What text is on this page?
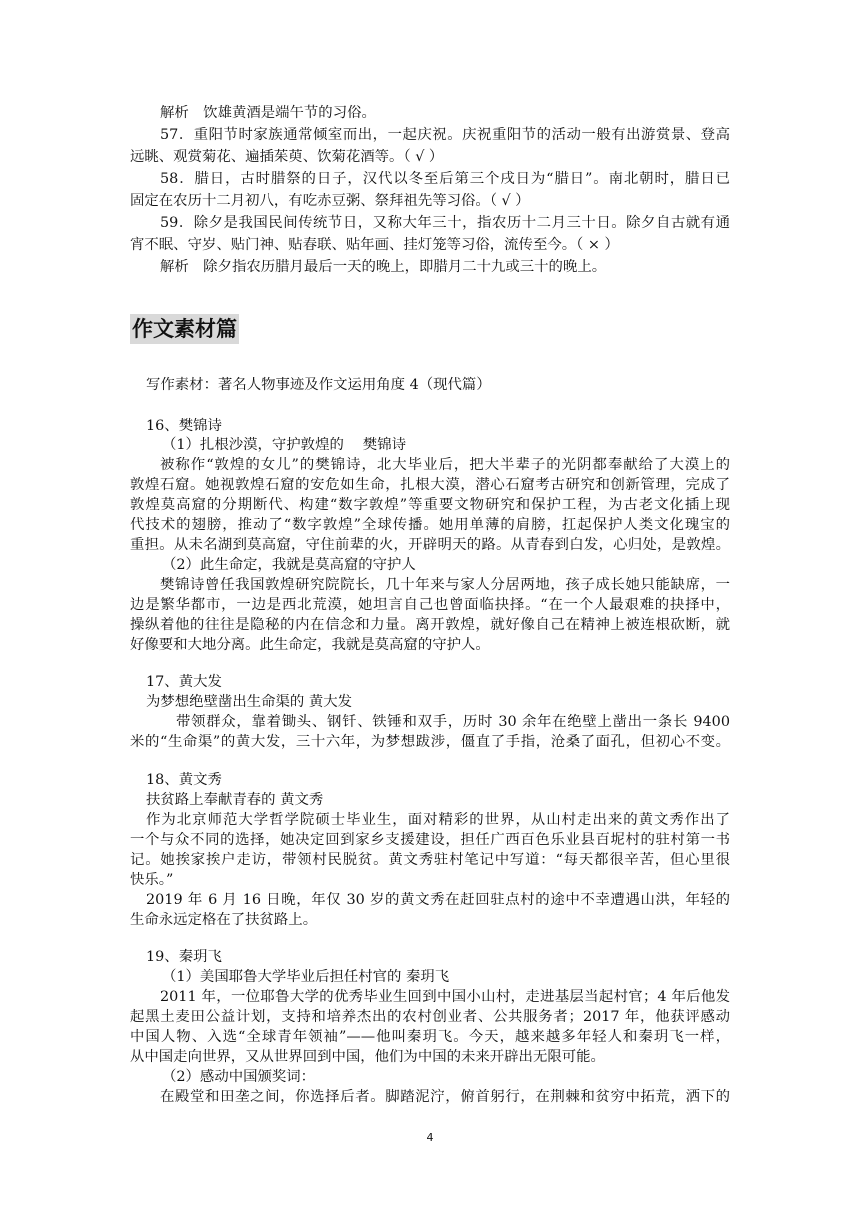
解析　饮雄黄酒是端午节的习俗。
57．重阳节时家族通常倾室而出，一起庆祝。庆祝重阳节的活动一般有出游赏景、登高
远眺、观赏菊花、遍插茱萸、饮菊花酒等。（ √ ）
58．腊日，古时腊祭的日子，汉代以冬至后第三个戌日为“腊日”。南北朝时，腊日已
固定在农历十二月初八，有吃赤豆粥、祭拜祖先等习俗。（ √ ）
59．除夕是我国民间传统节日，又称大年三十，指农历十二月三十日。除夕自古就有通
宵不眠、守岁、贴门神、贴春联、贴年画、挂灯笼等习俗，流传至今。（ × ）
解析　除夕指农历腊月最后一天的晚上，即腊月二十九或三十的晚上。
作文素材篇
写作素材：著名人物事迹及作文运用角度 4（现代篇）
16、樊锦诗
（1）扎根沙漠，守护敦煌的　 樊锦诗
被称作“敦煌的女儿”的樊锦诗，北大毕业后，把大半辈子的光阴都奉献给了大漠上的
敦煌石窟。她视敦煌石窟的安危如生命，扎根大漠，潜心石窟考古研究和创新管理，完成了
敦煌莫高窟的分期断代、构建“数字敦煌”等重要文物研究和保护工程，为古老文化插上现
代技术的翅膀，推动了“数字敦煌”全球传播。她用单薄的肩膀，扛起保护人类文化瑰宝的
重担。从未名湖到莫高窟，守住前辈的火，开辟明天的路。从青春到白发，心归处，是敦煌。
（2）此生命定，我就是莫高窟的守护人
樊锦诗曾任我国敦煌研究院院长，几十年来与家人分居两地，孩子成长她只能缺席，一
边是繁华都市，一边是西北荒漠，她坦言自己也曾面临抉择。“在一个人最艰难的抉择中，
操纵着他的往往是隐秘的内在信念和力量。离开敦煌，就好像自己在精神上被连根砍断，就
好像要和大地分离。此生命定，我就是莫高窟的守护人。
17、黄大发
为梦想绝壁凿出生命渠的 黄大发
带领群众，靠着锄头、钢钎、铁锤和双手，历时 30 余年在绝壁上凿出一条长 9400
米的“生命渠”的黄大发，三十六年，为梦想跋涉，僵直了手指，沧桑了面孔，但初心不变。
18、黄文秀
扶贫路上奉献青春的 黄文秀
作为北京师范大学哲学院硕士毕业生，面对精彩的世界，从山村走出来的黄文秀作出了
一个与众不同的选择，她决定回到家乡支援建设，担任广西百色乐业县百坭村的驻村第一书
记。她挨家挨户走访，带领村民脱贫。黄文秀驻村笔记中写道：“每天都很辛苦，但心里很
快乐。”
2019 年 6 月 16 日晚，年仅 30 岁的黄文秀在赶回驻点村的途中不幸遭遇山洪，年轻的
生命永远定格在了扶贫路上。
19、秦玥飞
（1）美国耶鲁大学毕业后担任村官的 秦玥飞
2011 年，一位耶鲁大学的优秀毕业生回到中国小山村，走进基层当起村官；4 年后他发
起黑土麦田公益计划，支持和培养杰出的农村创业者、公共服务者；2017 年，他获评感动
中国人物、入选“全球青年领袖”——他叫秦玥飞。今天，越来越多年轻人和秦玥飞一样，
从中国走向世界，又从世界回到中国，他们为中国的未来开辟出无限可能。
（2）感动中国颁奖词：
在殿堂和田垄之间，你选择后者。脚踏泥泞，俯首躬行，在荆棘和贫穷中拓荒，洒下的
4
